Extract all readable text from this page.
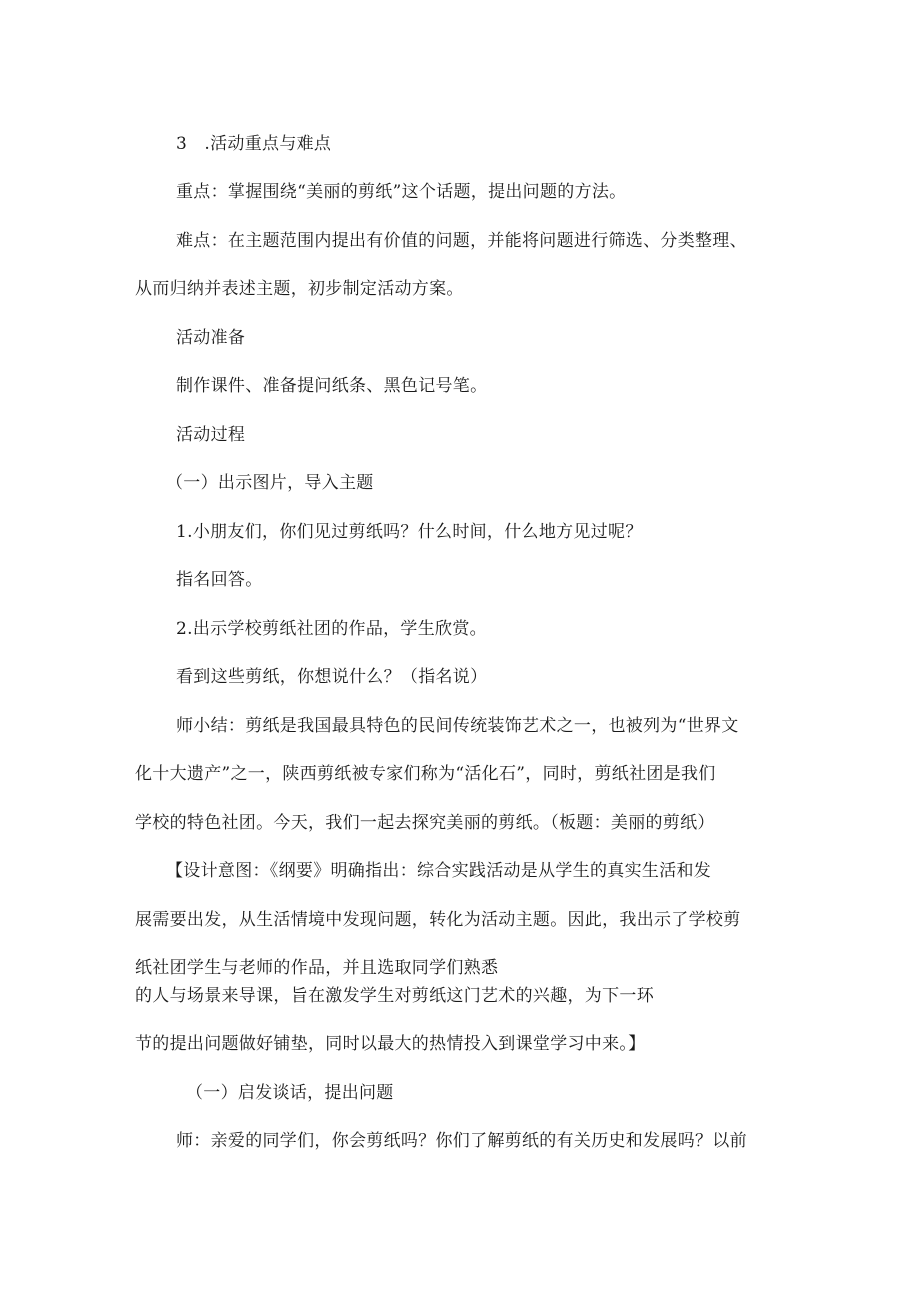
3　.活动重点与难点
重点：掌握围绕“美丽的剪纸”这个话题，提出问题的方法。
难点：在主题范围内提出有价值的问题，并能将问题进行筛选、分类整理、
从而归纳并表述主题，初步制定活动方案。
活动准备
制作课件、准备提问纸条、黑色记号笔。
活动过程
（一）出示图片，导入主题
1.小朋友们，你们见过剪纸吗？什么时间，什么地方见过呢？
指名回答。
2.出示学校剪纸社团的作品，学生欣赏。
看到这些剪纸，你想说什么？（指名说）
师小结：剪纸是我国最具特色的民间传统装饰艺术之一，也被列为“世界文
化十大遗产”之一，陕西剪纸被专家们称为“活化石”，同时，剪纸社团是我们
学校的特色社团。今天，我们一起去探究美丽的剪纸。（板题：美丽的剪纸）
【设计意图：《纲要》明确指出：综合实践活动是从学生的真实生活和发
展需要出发，从生活情境中发现问题，转化为活动主题。因此，我出示了学校剪
纸社团学生与老师的作品，并且选取同学们熟悉
的人与场景来导课，旨在激发学生对剪纸这门艺术的兴趣，为下一环
节的提出问题做好铺垫，同时以最大的热情投入到课堂学习中来。】
（一）启发谈话，提出问题
师：亲爱的同学们，你会剪纸吗？你们了解剪纸的有关历史和发展吗？以前
